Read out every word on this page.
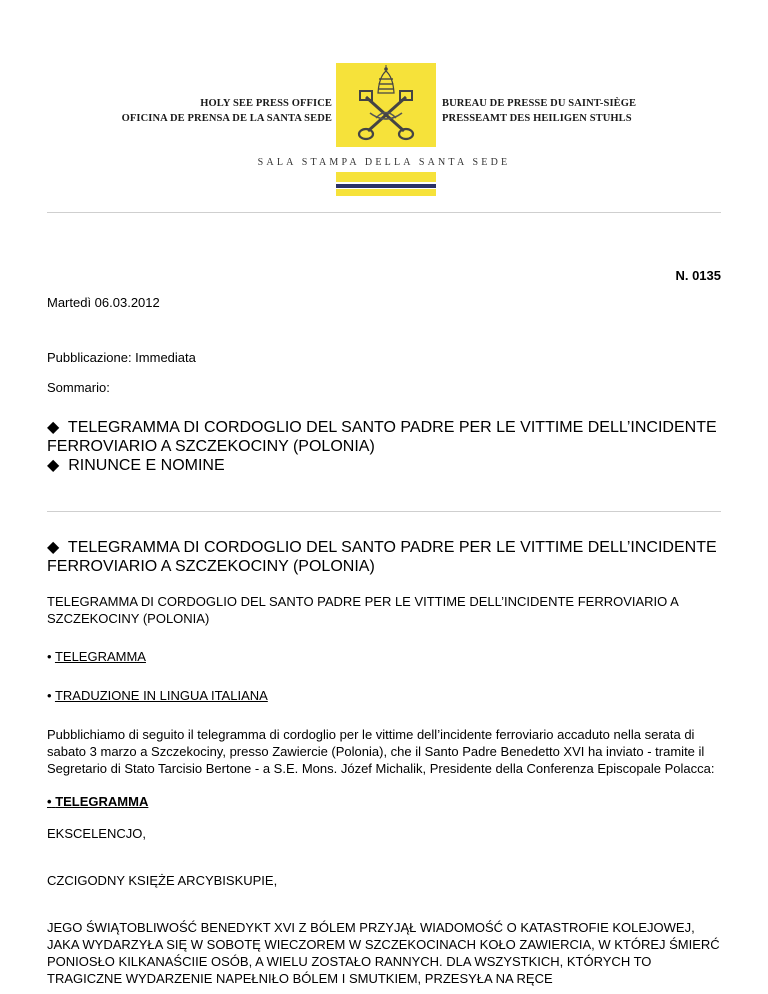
HOLY SEE PRESS OFFICE
OFICINA DE PRENSA DE LA SANTA SEDE
BUREAU DE PRESSE DU SAINT-SIÈGE
PRESSEAMT DES HEILIGEN STUHLS
SALA STAMPA DELLA SANTA SEDE
N. 0135
Martedì 06.03.2012
Pubblicazione: Immediata
Sommario:

◆ TELEGRAMMA DI CORDOGLIO DEL SANTO PADRE PER LE VITTIME DELL’INCIDENTE FERROVIARIO A SZCZEKOCINY (POLONIA)

◆ RINUNCE E NOMINE

◆ TELEGRAMMA DI CORDOGLIO DEL SANTO PADRE PER LE VITTIME DELL’INCIDENTE FERROVIARIO A SZCZEKOCINY (POLONIA)

TELEGRAMMA DI CORDOGLIO DEL SANTO PADRE PER LE VITTIME DELL’INCIDENTE FERROVIARIO A SZCZEKOCINY (POLONIA)

• TELEGRAMMA

• TRADUZIONE IN LINGUA ITALIANA

Pubblichiamo di seguito il telegramma di cordoglio per le vittime dell’incidente ferroviario accaduto nella serata di sabato 3 marzo a Szczekociny, presso Zawiercie (Polonia), che il Santo Padre Benedetto XVI ha inviato - tramite il Segretario di Stato Tarcisio Bertone - a S.E. Mons. Józef Michalik, Presidente della Conferenza Episcopale Polacca:

• TELEGRAMMA

EKSCELENCJO,

CZCIGODNY KSIĘŻE ARCYBISKUPIE,

JEGO ŚWIĄTOBLIWOŚĆ BENEDYKT XVI Z BÓLEM PRZYJĄŁ WIADOMOŚĆ O KATASTROFIE KOLEJOWEJ, JAKA WYDARZYŁA SIĘ W SOBOTĘ WIECZOREM W SZCZEKOCINACH KOŁO ZAWIERCIA, W KTÓREJ ŚMIERĆ PONIOSŁO KILKANAŚCIIE OSÓB, A WIELU ZOSTAŁO RANNYCH. DLA WSZYSTKICH, KTÓRYCH TO TRAGICZNE WYDARZENIE NAPEŁNIŁO BÓLEM I SMUTKIEM, PRZESYŁA NA RĘCE
